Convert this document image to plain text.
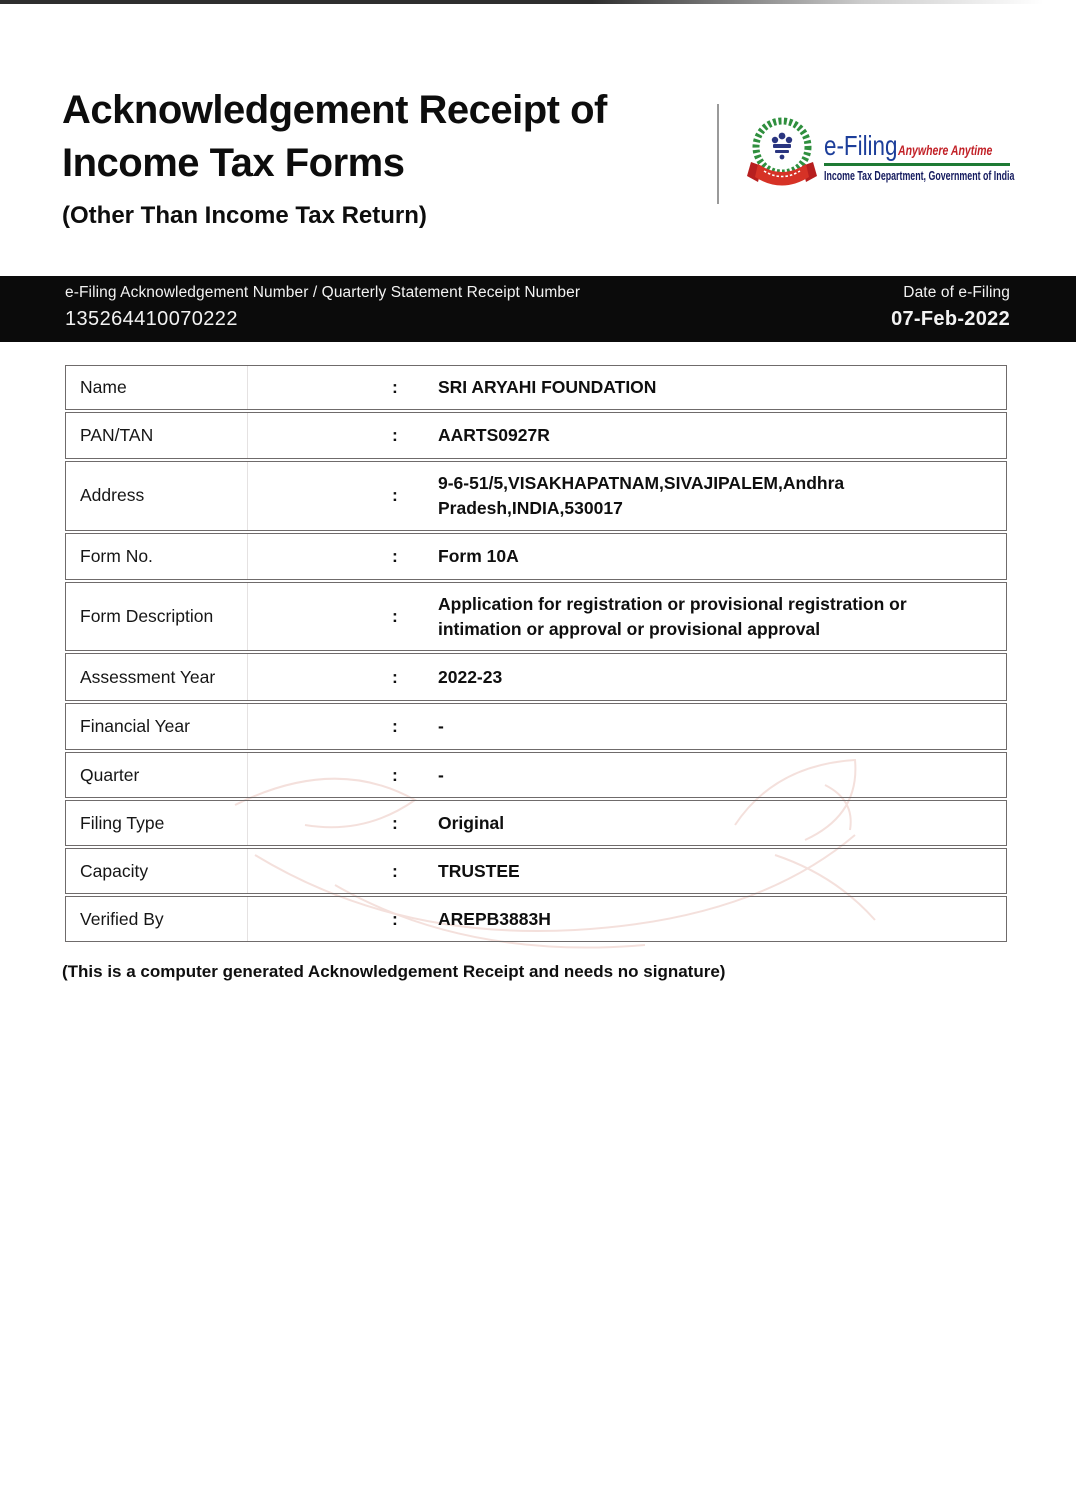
Acknowledgement Receipt of
Income Tax Forms
(Other Than Income Tax Return)
e-Filing Anywhere Anytime
Income Tax Department, Government of India
e-Filing Acknowledgement Number / Quarterly Statement Receipt Number
135264410070222
Date of e-Filing
07-Feb-2022
Name	:	SRI ARYAHI FOUNDATION
PAN/TAN	:	AARTS0927R
Address	:
9-6-51/5,VISAKHAPATNAM,SIVAJIPALEM,Andhra Pradesh,INDIA,530017
Form No.	:	Form 10A
Form Description	:
Application for registration or provisional registration or intimation or approval or provisional approval
Assessment Year	:	2022-23
Financial Year	:	-
Quarter	:	-
Filing Type	:	Original
Capacity	:	TRUSTEE
Verified By	:	AREPB3883H
(This is a computer generated Acknowledgement Receipt and needs no signature)
